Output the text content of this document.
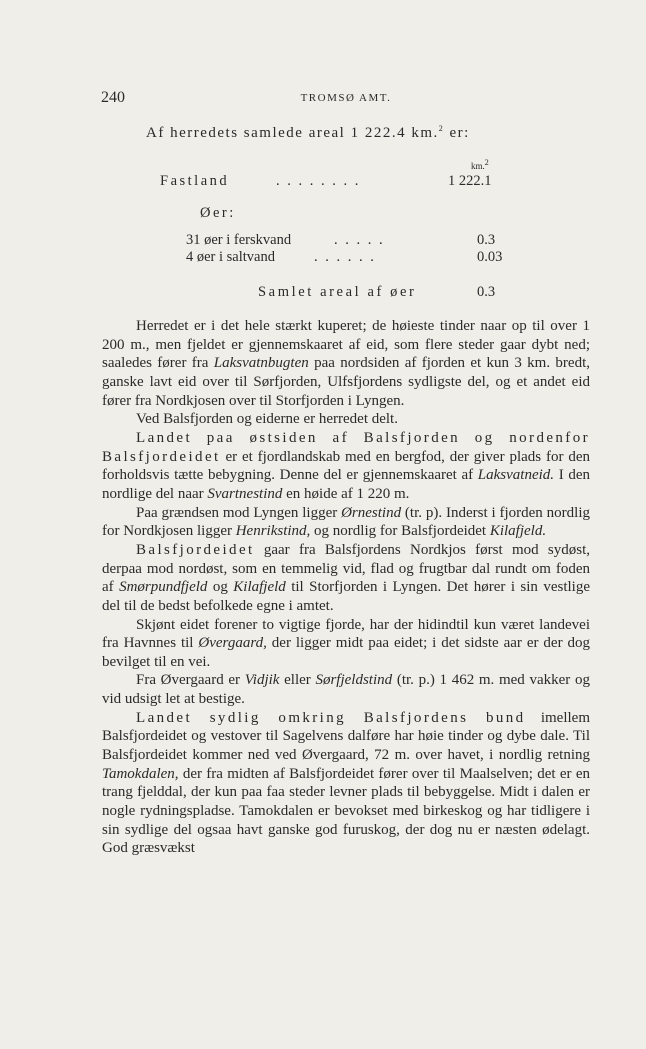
240	TROMSØ AMT.
Af herredets samlede areal 1 222.4 km.$^2$ er:
km.$^2$
Fastland	. . . . . . . .	1 222.1
Øer:
31 øer i ferskvand	. . . . .	0.3
4 øer i saltvand	. . . . . .	0.03
Samlet areal af øer	0.3

Herredet er i det hele stærkt kuperet; de høieste tinder naar op til over 1 200 m., men fjeldet er gjennemskaaret af eid, som flere steder gaar dybt ned; saaledes fører fra Laksvatnbugten paa nordsiden af fjorden et kun 3 km. bredt, ganske lavt eid over til Sørfjorden, Ulfsfjordens sydligste del, og et andet eid fører fra Nordkjosen over til Storfjorden i Lyngen.

Ved Balsfjorden og eiderne er herredet delt.

Landet paa østsiden af Balsfjorden og nordenfor Balsfjordeidet er et fjordlandskab med en bergfod, der giver plads for den forholdsvis tætte bebygning. Denne del er gjennemskaaret af Laksvatneid. I den nordlige del naar Svartnestind en høide af 1 220 m.

Paa grændsen mod Lyngen ligger Ørnestind (tr. p). Inderst i fjorden nordlig for Nordkjosen ligger Henrikstind, og nordlig for Balsfjordeidet Kilafjeld.

Balsfjordeidet gaar fra Balsfjordens Nordkjos først mod sydøst, derpaa mod nordøst, som en temmelig vid, flad og frugtbar dal rundt om foden af Smørpundfjeld og Kilafjeld til Storfjorden i Lyngen. Det hører i sin vestlige del til de bedst befolkede egne i amtet.

Skjønt eidet forener to vigtige fjorde, har der hidindtil kun været landevei fra Havnnes til Øvergaard, der ligger midt paa eidet; i det sidste aar er der dog bevilget til en vei.

Fra Øvergaard er Vidjik eller Sørfjeldstind (tr. p.) 1 462 m. med vakker og vid udsigt let at bestige.

Landet sydlig omkring Balsfjordens bund imellem Balsfjordeidet og vestover til Sagelvens dalføre har høie tinder og dybe dale. Til Balsfjordeidet kommer ned ved Øvergaard, 72 m. over havet, i nordlig retning Tamokdalen, der fra midten af Balsfjordeidet fører over til Maalselven; det er en trang fjelddal, der kun paa faa steder levner plads til bebyggelse. Midt i dalen er nogle rydningspladse. Tamokdalen er bevokset med birkeskog og har tidligere i sin sydlige del ogsaa havt ganske god furuskog, der dog nu er næsten ødelagt. God græsvækst
